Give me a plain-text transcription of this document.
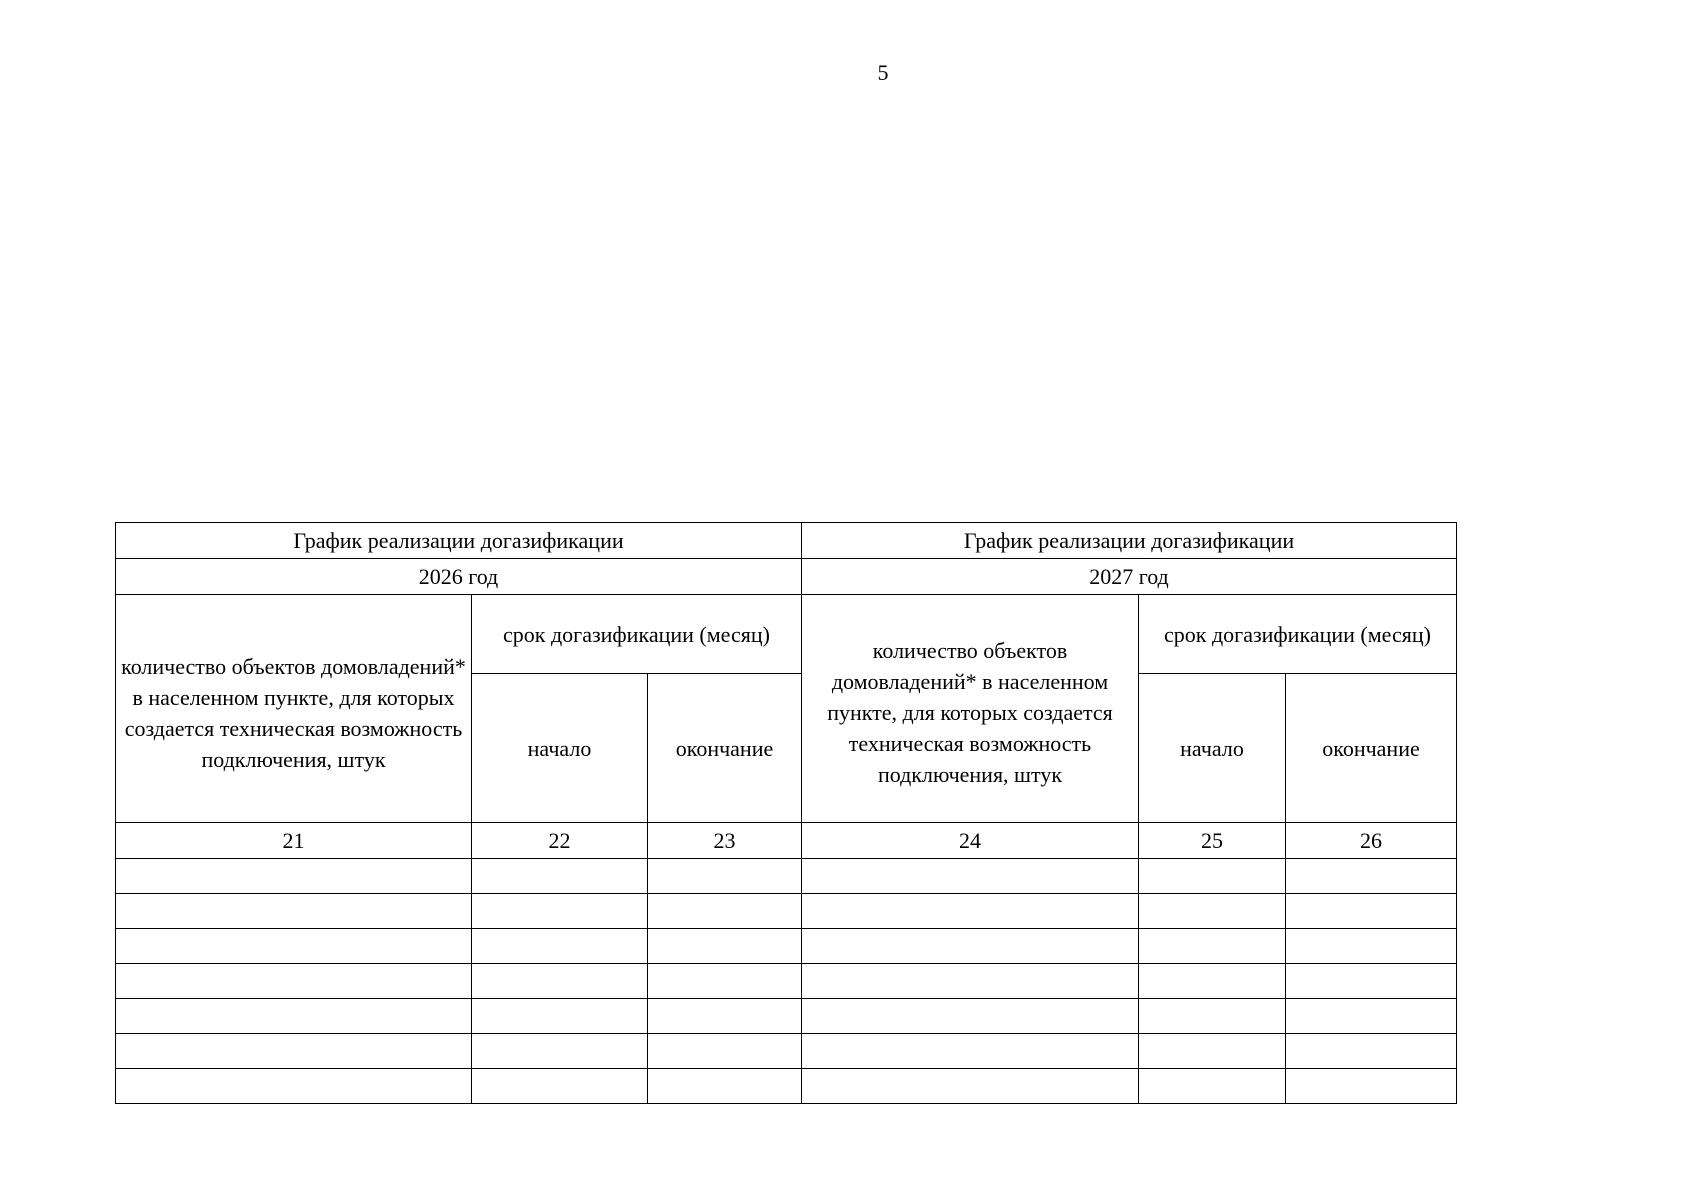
5
График реализации догазификации			График реализации догазификации		
2026 год			2027 год		
количество объектов домовладений* в населенном пункте, для которых создается техническая возможность подключения, штук	срок догазификации (месяц)		количество объектов домовладений* в населенном пункте, для которых создается техническая возможность подключения, штук	срок догазификации (месяц)	
	начало	окончание		начало	окончание
21	22	23	24	25	26
